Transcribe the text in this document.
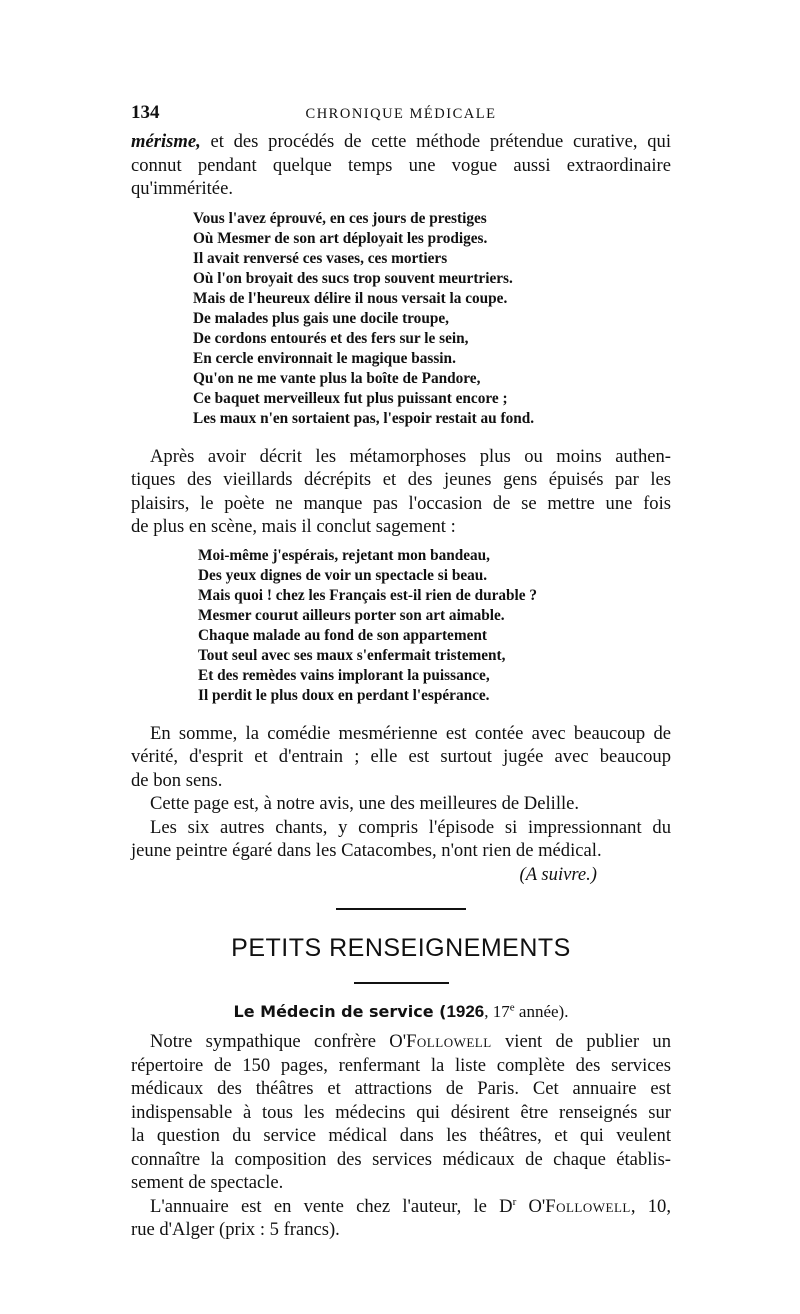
134	CHRONIQUE MÉDICALE

mérisme, et des procédés de cette méthode prétendue curative, qui
connut pendant quelque temps une vogue aussi extraordinaire
qu'imméritée.

Vous l'avez éprouvé, en ces jours de prestiges
Où Mesmer de son art déployait les prodiges.
Il avait renversé ces vases, ces mortiers
Où l'on broyait des sucs trop souvent meurtriers.
Mais de l'heureux délire il nous versait la coupe.
De malades plus gais une docile troupe,
De cordons entourés et des fers sur le sein,
En cercle environnait le magique bassin.
Qu'on ne me vante plus la boîte de Pandore,
Ce baquet merveilleux fut plus puissant encore ;
Les maux n'en sortaient pas, l'espoir restait au fond.

Après avoir décrit les métamorphoses plus ou moins authen-
tiques des vieillards décrépits et des jeunes gens épuisés par les
plaisirs, le poète ne manque pas l'occasion de se mettre une fois
de plus en scène, mais il conclut sagement :

Moi-même j'espérais, rejetant mon bandeau,
Des yeux dignes de voir un spectacle si beau.
Mais quoi ! chez les Français est-il rien de durable ?
Mesmer courut ailleurs porter son art aimable.
Chaque malade au fond de son appartement
Tout seul avec ses maux s'enfermait tristement,
Et des remèdes vains implorant la puissance,
Il perdit le plus doux en perdant l'espérance.

En somme, la comédie mesmérienne est contée avec beaucoup de
vérité, d'esprit et d'entrain ; elle est surtout jugée avec beaucoup
de bon sens.

Cette page est, à notre avis, une des meilleures de Delille.

Les six autres chants, y compris l'épisode si impressionnant du
jeune peintre égaré dans les Catacombes, n'ont rien de médical.

(A suivre.)

PETITS RENSEIGNEMENTS
Le Médecin de service (1926, 17e année).

Notre sympathique confrère O'Followell vient de publier un
répertoire de 150 pages, renfermant la liste complète des services
médicaux des théâtres et attractions de Paris. Cet annuaire est
indispensable à tous les médecins qui désirent être renseignés sur
la question du service médical dans les théâtres, et qui veulent
connaître la composition des services médicaux de chaque établis-
sement de spectacle.

L'annuaire est en vente chez l'auteur, le $D^r$ O'Followell, 10,
rue d'Alger (prix : 5 francs).
